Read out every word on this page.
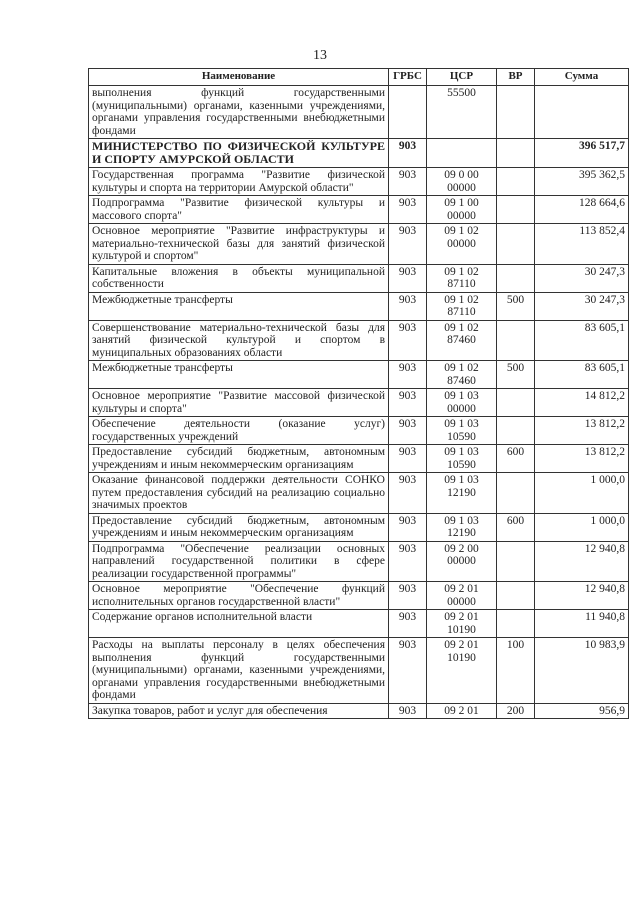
13
Наименование	ГРБС	ЦСР	ВР	Сумма
выполнения функций государственными (муниципальными) органами, казенными учреждениями, органами управления государственными внебюджетными фондами		55500		
МИНИСТЕРСТВО ПО ФИЗИЧЕСКОЙ КУЛЬТУРЕ И СПОРТУ АМУРСКОЙ ОБЛАСТИ	903			396 517,7
Государственная программа "Развитие физической культуры и спорта на территории Амурской области"	903	09 0 00 00000		395 362,5
Подпрограмма "Развитие физической культуры и массового спорта"	903	09 1 00 00000		128 664,6
Основное мероприятие "Развитие инфраструктуры и материально-технической базы для занятий физической культурой и спортом"	903	09 1 02 00000		113 852,4
Капитальные вложения в объекты муниципальной собственности	903	09 1 02 87110		30 247,3
Межбюджетные трансферты	903	09 1 02 87110	500	30 247,3
Совершенствование материально-технической базы для занятий физической культурой и спортом в муниципальных образованиях области	903	09 1 02 87460		83 605,1
Межбюджетные трансферты	903	09 1 02 87460	500	83 605,1
Основное мероприятие "Развитие массовой физической культуры и спорта"	903	09 1 03 00000		14 812,2
Обеспечение деятельности (оказание услуг) государственных учреждений	903	09 1 03 10590		13 812,2
Предоставление субсидий бюджетным, автономным учреждениям и иным некоммерческим организациям	903	09 1 03 10590	600	13 812,2
Оказание финансовой поддержки деятельности СОНКО путем предоставления субсидий на реализацию социально значимых проектов	903	09 1 03 12190		1 000,0
Предоставление субсидий бюджетным, автономным учреждениям и иным некоммерческим организациям	903	09 1 03 12190	600	1 000,0
Подпрограмма "Обеспечение реализации основных направлений государственной политики в сфере реализации государственной программы"	903	09 2 00 00000		12 940,8
Основное мероприятие "Обеспечение функций исполнительных органов государственной власти"	903	09 2 01 00000		12 940,8
Содержание органов исполнительной власти	903	09 2 01 10190		11 940,8
Расходы на выплаты персоналу в целях обеспечения выполнения функций государственными (муниципальными) органами, казенными учреждениями, органами управления государственными внебюджетными фондами	903	09 2 01 10190	100	10 983,9
Закупка товаров, работ и услуг для обеспечения	903	09 2 01	200	956,9
